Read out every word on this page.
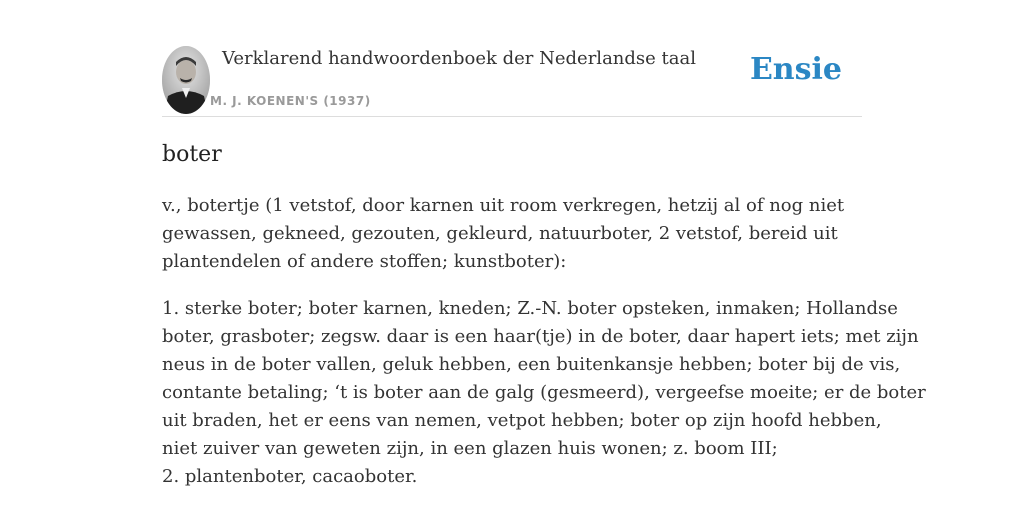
Verklarend handwoordenboek der Nederlandse taal
M. J. KOENEN'S (1937)
Ensie
boter

v., botertje (1 vetstof, door karnen uit room verkregen, hetzij al of nog niet
gewassen, gekneed, gezouten, gekleurd, natuurboter, 2 vetstof, bereid uit
plantendelen of andere stoffen; kunstboter):

1. sterke boter; boter karnen, kneden; Z.-N. boter opsteken, inmaken; Hollandse
boter, grasboter; zegsw. daar is een haar(tje) in de boter, daar hapert iets; met zijn
neus in de boter vallen, geluk hebben, een buitenkansje hebben; boter bij de vis,
contante betaling; ‘t is boter aan de galg (gesmeerd), vergeefse moeite; er de boter
uit braden, het er eens van nemen, vetpot hebben; boter op zijn hoofd hebben,
niet zuiver van geweten zijn, in een glazen huis wonen; z. boom III;
2. plantenboter, cacaoboter.
